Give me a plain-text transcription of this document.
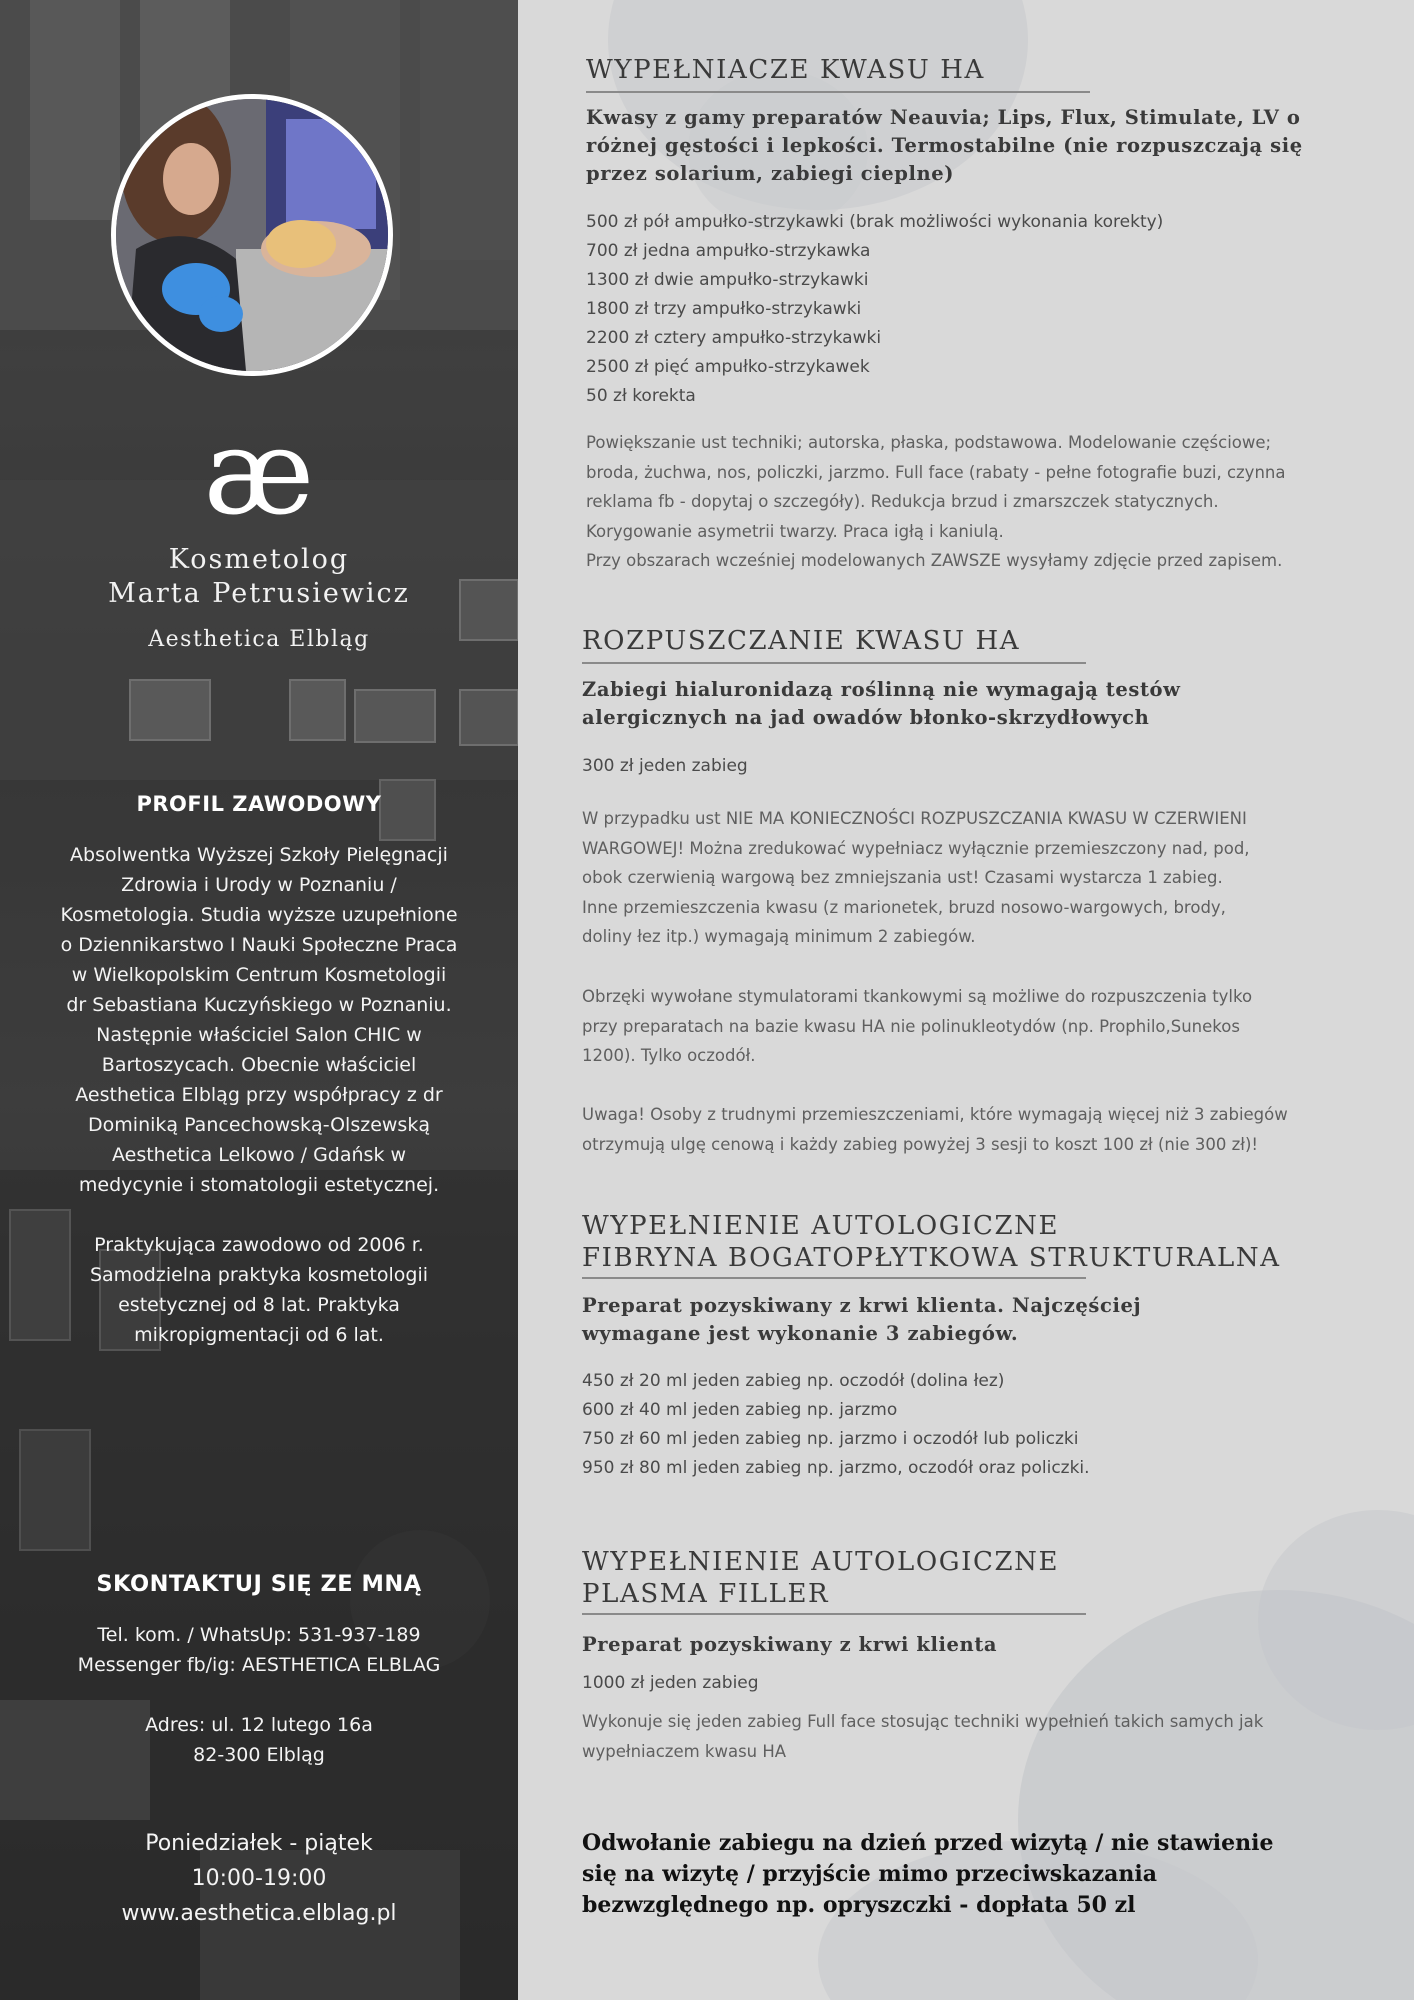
æ
Kosmetolog
Marta Petrusiewicz
Aesthetica Elbląg
PROFIL ZAWODOWY

Absolwentka Wyższej Szkoły Pielęgnacji Zdrowia i Urody w Poznaniu / Kosmetologia. Studia wyższe uzupełnione o Dziennikarstwo I Nauki Społeczne Praca w Wielkopolskim Centrum Kosmetologii dr Sebastiana Kuczyńskiego w Poznaniu. Następnie właściciel Salon CHIC w Bartoszycach. Obecnie właściciel Aesthetica Elbląg przy współpracy z dr Dominiką Pancechowską-Olszewską Aesthetica Lelkowo / Gdańsk w medycynie i stomatologii estetycznej.

Praktykująca zawodowo od 2006 r. Samodzielna praktyka kosmetologii estetycznej od 8 lat. Praktyka mikropigmentacji od 6 lat.

SKONTAKTUJ SIĘ ZE MNĄ

Tel. kom. / WhatsUp: 531-937-189

Messenger fb/ig: AESTHETICA ELBLAG

Adres: ul. 12 lutego 16a

82-300 Elbląg

Poniedziałek - piątek

10:00-19:00

www.aesthetica.elblag.pl

WYPEŁNIACZE KWASU HA
Kwasy z gamy preparatów Neauvia; Lips, Flux, Stimulate, LV o różnej gęstości i lepkości. Termostabilne (nie rozpuszczają się przez solarium, zabiegi cieplne)

500 zł pół ampułko-strzykawki (brak możliwości wykonania korekty)

700 zł jedna ampułko-strzykawka

1300 zł dwie ampułko-strzykawki

1800 zł trzy ampułko-strzykawki

2200 zł cztery ampułko-strzykawki

2500 zł pięć ampułko-strzykawek

50 zł korekta

Powiększanie ust techniki; autorska, płaska, podstawowa. Modelowanie częściowe;

broda, żuchwa, nos, policzki, jarzmo. Full face (rabaty - pełne fotografie buzi, czynna

reklama fb - dopytaj o szczegóły). Redukcja brzud i zmarszczek statycznych.

Korygowanie asymetrii twarzy. Praca igłą i kaniulą.

Przy obszarach wcześniej modelowanych ZAWSZE wysyłamy zdjęcie przed zapisem.

ROZPUSZCZANIE KWASU HA
Zabiegi hialuronidazą roślinną nie wymagają testów alergicznych na jad owadów błonko-skrzydłowych
300 zł jeden zabieg

W przypadku ust NIE MA KONIECZNOŚCI ROZPUSZCZANIA KWASU W CZERWIENI

WARGOWEJ! Można zredukować wypełniacz wyłącznie przemieszczony nad, pod,

obok czerwienią wargową bez zmniejszania ust! Czasami wystarcza 1 zabieg.

Inne przemieszczenia kwasu (z marionetek, bruzd nosowo-wargowych, brody,

doliny łez itp.) wymagają minimum 2 zabiegów.

Obrzęki wywołane stymulatorami tkankowymi są możliwe do rozpuszczenia tylko

przy preparatach na bazie kwasu HA nie polinukleotydów (np. Prophilo,Sunekos

1200). Tylko oczodół.

Uwaga! Osoby z trudnymi przemieszczeniami, które wymagają więcej niż 3 zabiegów

otrzymują ulgę cenową i każdy zabieg powyżej 3 sesji to koszt 100 zł (nie 300 zł)!

WYPEŁNIENIE AUTOLOGICZNE
FIBRYNA BOGATOPŁYTKOWA STRUKTURALNA
Preparat pozyskiwany z krwi klienta. Najczęściej wymagane jest wykonanie 3 zabiegów.

450 zł 20 ml jeden zabieg np. oczodół (dolina łez)

600 zł 40 ml jeden zabieg np. jarzmo

750 zł 60 ml jeden zabieg np. jarzmo i oczodół lub policzki

950 zł 80 ml jeden zabieg np. jarzmo, oczodół oraz policzki.

WYPEŁNIENIE AUTOLOGICZNE
PLASMA FILLER
Preparat pozyskiwany z krwi klienta
1000 zł jeden zabieg

Wykonuje się jeden zabieg Full face stosując techniki wypełnień takich samych jak

wypełniaczem kwasu HA

Odwołanie zabiegu na dzień przed wizytą / nie stawienie się na wizytę / przyjście mimo przeciwskazania bezwzględnego np. opryszczki - dopłata 50 zl
